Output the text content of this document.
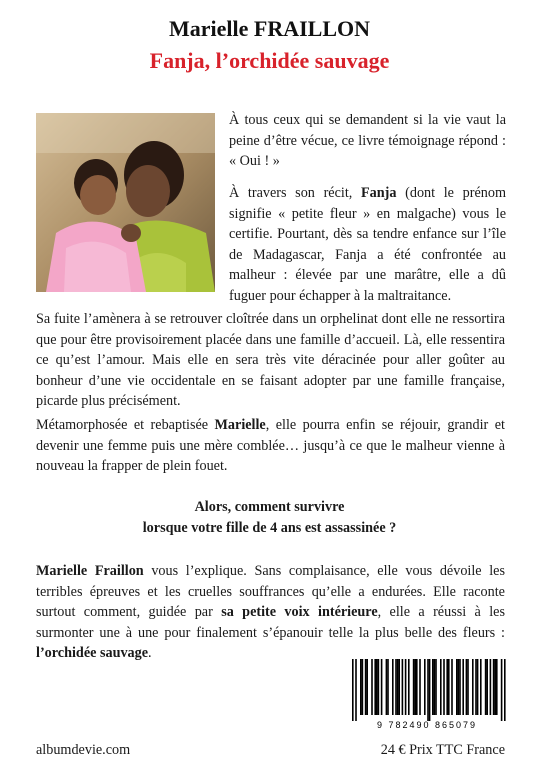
Marielle FRAILLON
Fanja, l’orchidée sauvage

À tous ceux qui se demandent si la vie vaut la peine d’être vécue, ce livre témoignage répond : « Oui ! »

À travers son récit, Fanja (dont le prénom signifie « petite fleur » en malgache) vous le certifie. Pourtant, dès sa tendre enfance sur l’île de Madagascar, Fanja a été confrontée au malheur : élevée par une marâtre, elle a dû fuguer pour échapper à la maltraitance.

Sa fuite l’amènera à se retrouver cloîtrée dans un orphelinat dont elle ne ressortira que pour être provisoirement placée dans une famille d’accueil. Là, elle ressentira ce qu’est l’amour. Mais elle en sera très vite déracinée pour aller goûter au bonheur d’une vie occidentale en se faisant adopter par une famille française, picarde plus précisément.

Métamorphosée et rebaptisée Marielle, elle pourra enfin se réjouir, grandir et devenir une femme puis une mère comblée… jusqu’à ce que le malheur vienne à nouveau la frapper de plein fouet.

Alors, comment survivre
lorsque votre fille de 4 ans est assassinée ?

Marielle Fraillon vous l’explique. Sans complaisance, elle vous dévoile les terribles épreuves et les cruelles souffrances qu’elle a endurées. Elle raconte surtout comment, guidée par sa petite voix intérieure, elle a réussi à les surmonter une à une pour finalement s’épanouir telle la plus belle des fleurs : l’orchidée sauvage.

9 782490 865079
albumdevie.com	24 € Prix TTC France
